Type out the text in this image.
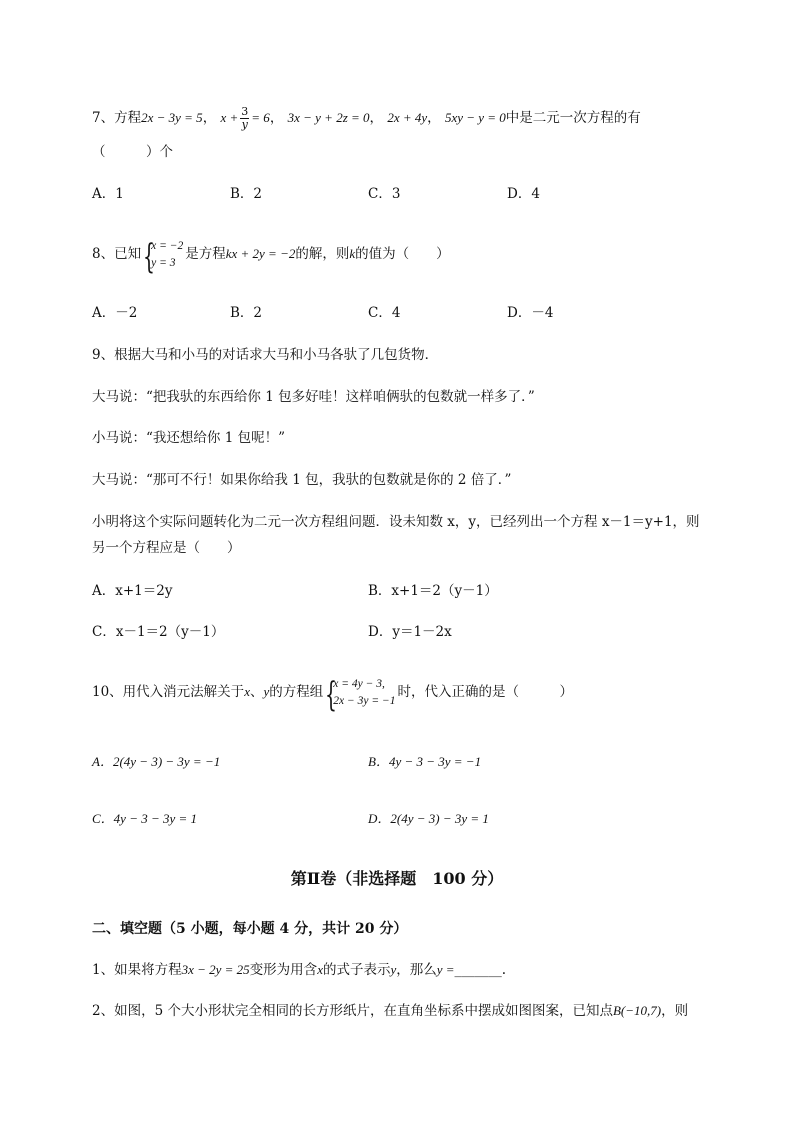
7、方程2x − 3y = 5， $x + \frac{3}{y} = 6$， 3x − y + 2z = 0， 2x + 4y， 5xy − y = 0中是二元一次方程的有
（　　　）个
A．1	B．2	C．3	D．4
8、已知 {
x = −2
y = 3
是方程kx + 2y = −2的解，则k的值为（　　）
A．－2	B．2	C．4	D．－4
9、根据大马和小马的对话求大马和小马各驮了几包货物．
大马说：“把我驮的东西给你 1 包多好哇！这样咱俩驮的包数就一样多了．”
小马说：“我还想给你 1 包呢！”
大马说：“那可不行！如果你给我 1 包，我驮的包数就是你的 2 倍了．”
小明将这个实际问题转化为二元一次方程组问题．设未知数 x，y，已经列出一个方程 x－1＝y+1，则
另一个方程应是（　　）
A．x+1＝2y	B．x+1＝2（y－1）
C．x－1＝2（y－1）	D．y＝1－2x
10、用代入消元法解关于x、y的方程组 {
x = 4y − 3,
2x − 3y = −1
时，代入正确的是（　　　）
A．2(4y − 3) − 3y = −1	B．4y − 3 − 3y = −1
C．4y − 3 − 3y = 1	D．2(4y − 3) − 3y = 1
第Ⅱ卷（非选择题　100 分）
二、填空题（5 小题，每小题 4 分，共计 20 分）
1、如果将方程3x − 2y = 25变形为用含x的式子表示y，那么y =_______.
2、如图，5 个大小形状完全相同的长方形纸片，在直角坐标系中摆成如图图案，已知点B(−10,7)，则
